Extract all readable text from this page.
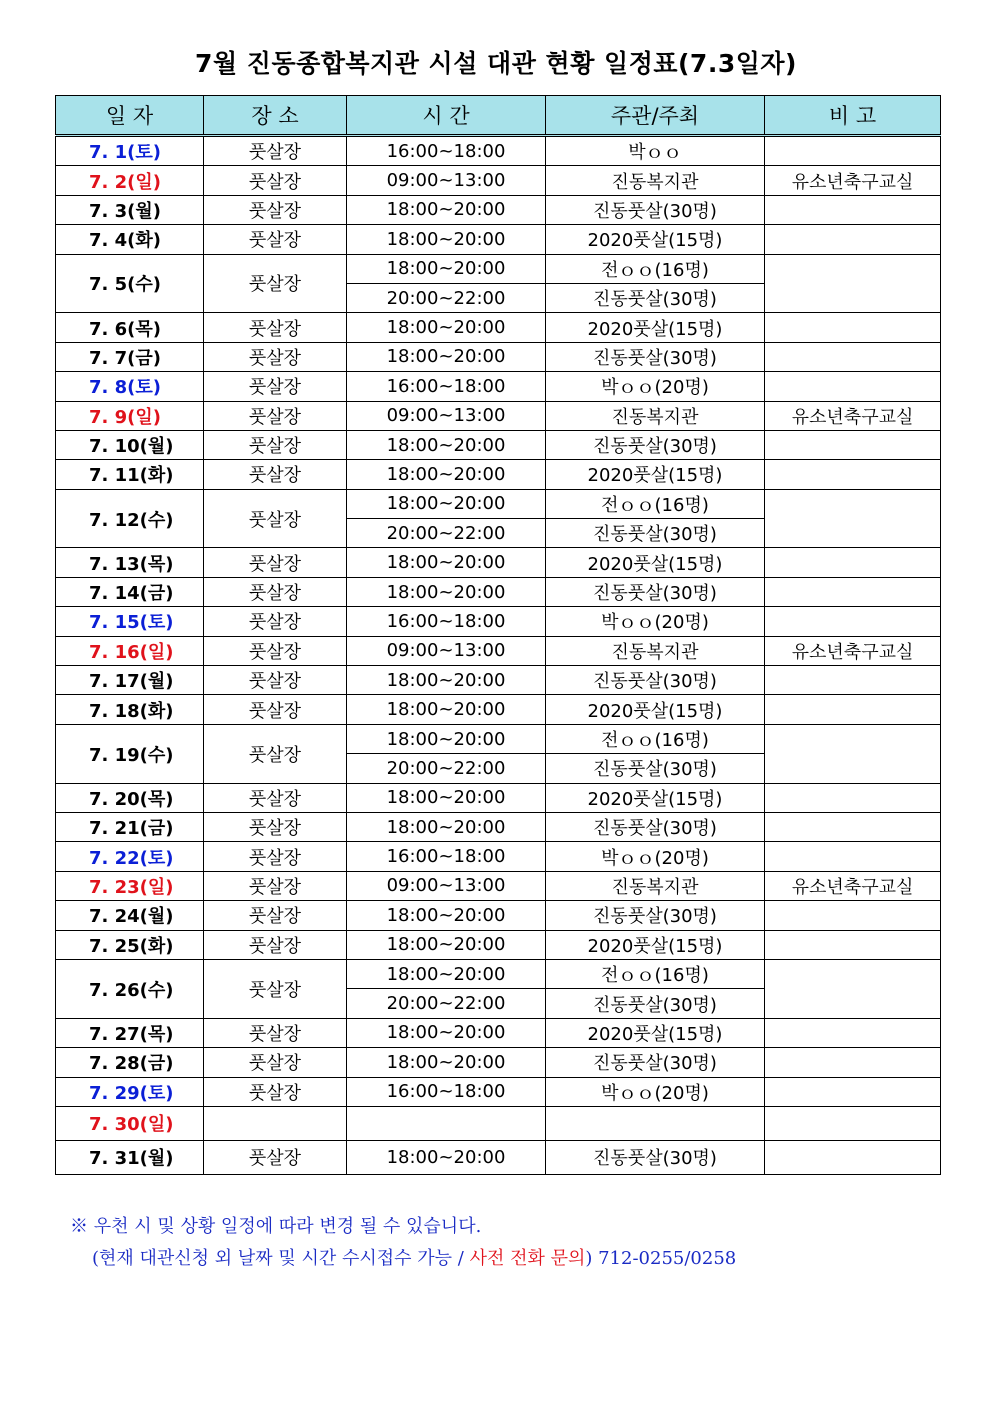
7월 진동종합복지관 시설 대관 현황 일정표(7.3일자)
일 자	장 소	시 간	주관/주최	비 고
7. 1(토)	풋살장	16:00~18:00	박ｏｏ	
7. 2(일)	풋살장	09:00~13:00	진동복지관	유소년축구교실
7. 3(월)	풋살장	18:00~20:00	진동풋살(30명)	
7. 4(화)	풋살장	18:00~20:00	2020풋살(15명)	
7. 5(수)	풋살장	18:00~20:00	전ｏｏ(16명)	
		20:00~22:00	진동풋살(30명)	
7. 6(목)	풋살장	18:00~20:00	2020풋살(15명)	
7. 7(금)	풋살장	18:00~20:00	진동풋살(30명)	
7. 8(토)	풋살장	16:00~18:00	박ｏｏ(20명)	
7. 9(일)	풋살장	09:00~13:00	진동복지관	유소년축구교실
7. 10(월)	풋살장	18:00~20:00	진동풋살(30명)	
7. 11(화)	풋살장	18:00~20:00	2020풋살(15명)	
7. 12(수)	풋살장	18:00~20:00	전ｏｏ(16명)	
		20:00~22:00	진동풋살(30명)	
7. 13(목)	풋살장	18:00~20:00	2020풋살(15명)	
7. 14(금)	풋살장	18:00~20:00	진동풋살(30명)	
7. 15(토)	풋살장	16:00~18:00	박ｏｏ(20명)	
7. 16(일)	풋살장	09:00~13:00	진동복지관	유소년축구교실
7. 17(월)	풋살장	18:00~20:00	진동풋살(30명)	
7. 18(화)	풋살장	18:00~20:00	2020풋살(15명)	
7. 19(수)	풋살장	18:00~20:00	전ｏｏ(16명)	
		20:00~22:00	진동풋살(30명)	
7. 20(목)	풋살장	18:00~20:00	2020풋살(15명)	
7. 21(금)	풋살장	18:00~20:00	진동풋살(30명)	
7. 22(토)	풋살장	16:00~18:00	박ｏｏ(20명)	
7. 23(일)	풋살장	09:00~13:00	진동복지관	유소년축구교실
7. 24(월)	풋살장	18:00~20:00	진동풋살(30명)	
7. 25(화)	풋살장	18:00~20:00	2020풋살(15명)	
7. 26(수)	풋살장	18:00~20:00	전ｏｏ(16명)	
		20:00~22:00	진동풋살(30명)	
7. 27(목)	풋살장	18:00~20:00	2020풋살(15명)	
7. 28(금)	풋살장	18:00~20:00	진동풋살(30명)	
7. 29(토)	풋살장	16:00~18:00	박ｏｏ(20명)	
7. 30(일)				
7. 31(월)	풋살장	18:00~20:00	진동풋살(30명)	
※ 우천 시 및 상황 일정에 따라 변경 될 수 있습니다.
(현재 대관신청 외 날짜 및 시간 수시접수 가능 / 사전 전화 문의) 712-0255/0258
